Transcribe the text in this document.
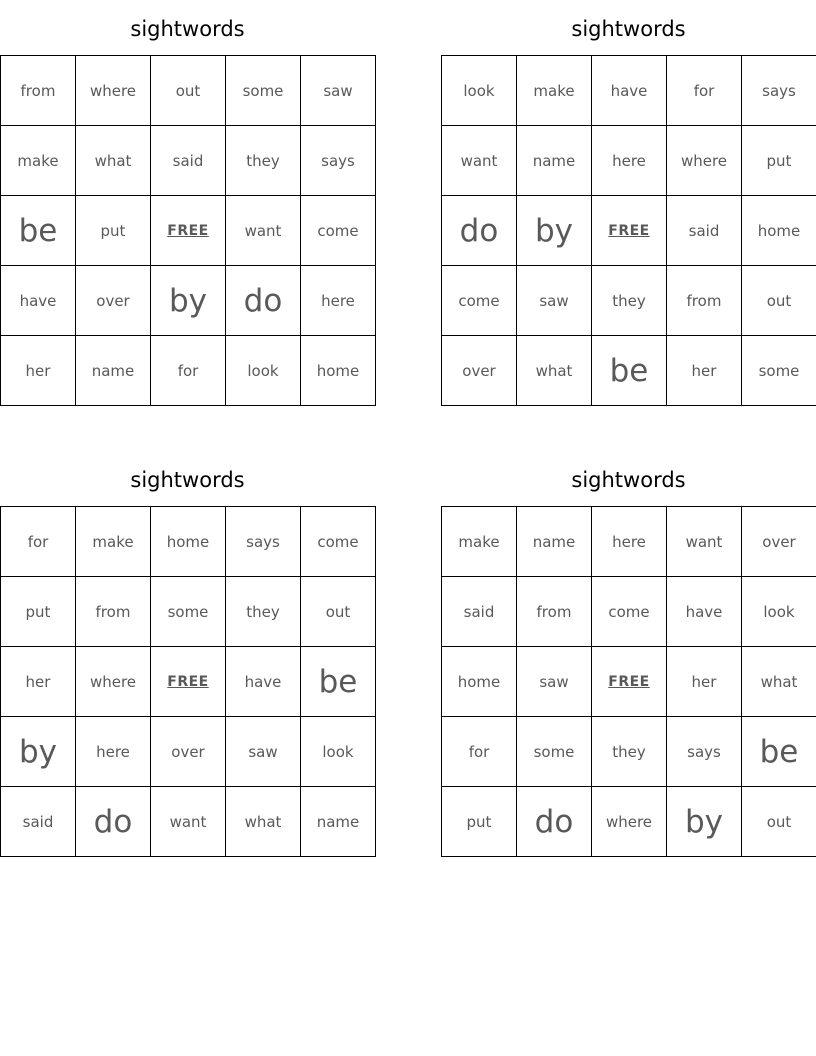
sightwords
from	where	out	some	saw
make	what	said	they	says
be	put	FREE	want	come
have	over	by	do	here
her	name	for	look	home
sightwords
look	make	have	for	says
want	name	here	where	put
do	by	FREE	said	home
come	saw	they	from	out
over	what	be	her	some
sightwords
for	make	home	says	come
put	from	some	they	out
her	where	FREE	have	be
by	here	over	saw	look
said	do	want	what	name
sightwords
make	name	here	want	over
said	from	come	have	look
home	saw	FREE	her	what
for	some	they	says	be
put	do	where	by	out
